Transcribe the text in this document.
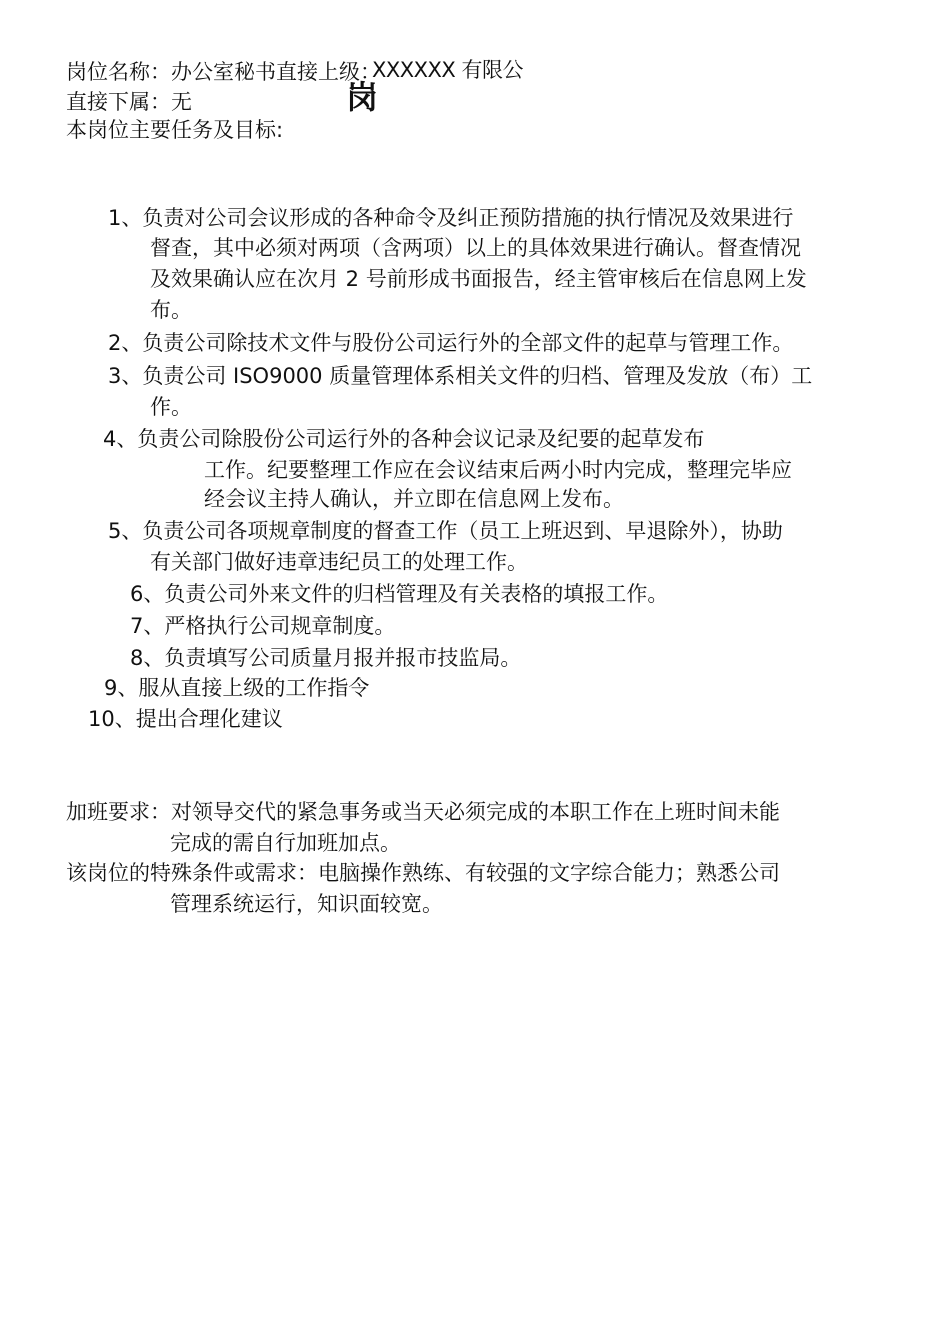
岗位名称：办公室秘书直接上级：
XXXXXX 有限公
岗
直接下属：无
本岗位主要任务及目标:
1、负责对公司会议形成的各种命令及纠正预防措施的执行情况及效果进行
督查，其中必须对两项（含两项）以上的具体效果进行确认。督查情况
及效果确认应在次月 2 号前形成书面报告，经主管审核后在信息网上发
布。
2、负责公司除技术文件与股份公司运行外的全部文件的起草与管理工作。
3、负责公司 ISO9000 质量管理体系相关文件的归档、管理及发放（布）工
作。
4、负责公司除股份公司运行外的各种会议记录及纪要的起草发布
工作。纪要整理工作应在会议结束后两小时内完成，整理完毕应
经会议主持人确认，并立即在信息网上发布。
5、负责公司各项规章制度的督查工作（员工上班迟到、早退除外），协助
有关部门做好违章违纪员工的处理工作。
6、负责公司外来文件的归档管理及有关表格的填报工作。
7、严格执行公司规章制度。
8、负责填写公司质量月报并报市技监局。
9、服从直接上级的工作指令
10、提出合理化建议
加班要求：对领导交代的紧急事务或当天必须完成的本职工作在上班时间未能
完成的需自行加班加点。
该岗位的特殊条件或需求：电脑操作熟练、有较强的文字综合能力；熟悉公司
管理系统运行，知识面较宽。
